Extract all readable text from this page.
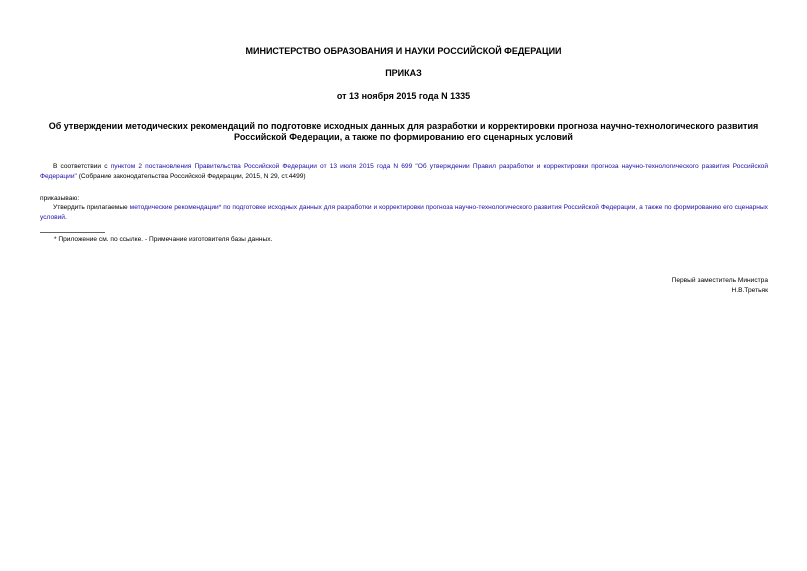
МИНИСТЕРСТВО ОБРАЗОВАНИЯ И НАУКИ РОССИЙСКОЙ ФЕДЕРАЦИИ
ПРИКАЗ
от 13 ноября 2015 года N 1335
Об утверждении методических рекомендаций по подготовке исходных данных для разработки и корректировки прогноза научно-технологического развития Российской Федерации, а также по формированию его сценарных условий

В соответствии с пунктом 2 постановления Правительства Российской Федерации от 13 июля 2015 года N 699 "Об утверждении Правил разработки и корректировки прогноза научно-технологического развития Российской Федерации" (Собрание законодательства Российской Федерации, 2015, N 29, ст.4499)

приказываю:

Утвердить прилагаемые методические рекомендации* по подготовке исходных данных для разработки и корректировки прогноза научно-технологического развития Российской Федерации, а также по формированию его сценарных условий.

* Приложение см. по ссылке. - Примечание изготовителя базы данных.

Первый заместитель Министра
Н.В.Третьяк
